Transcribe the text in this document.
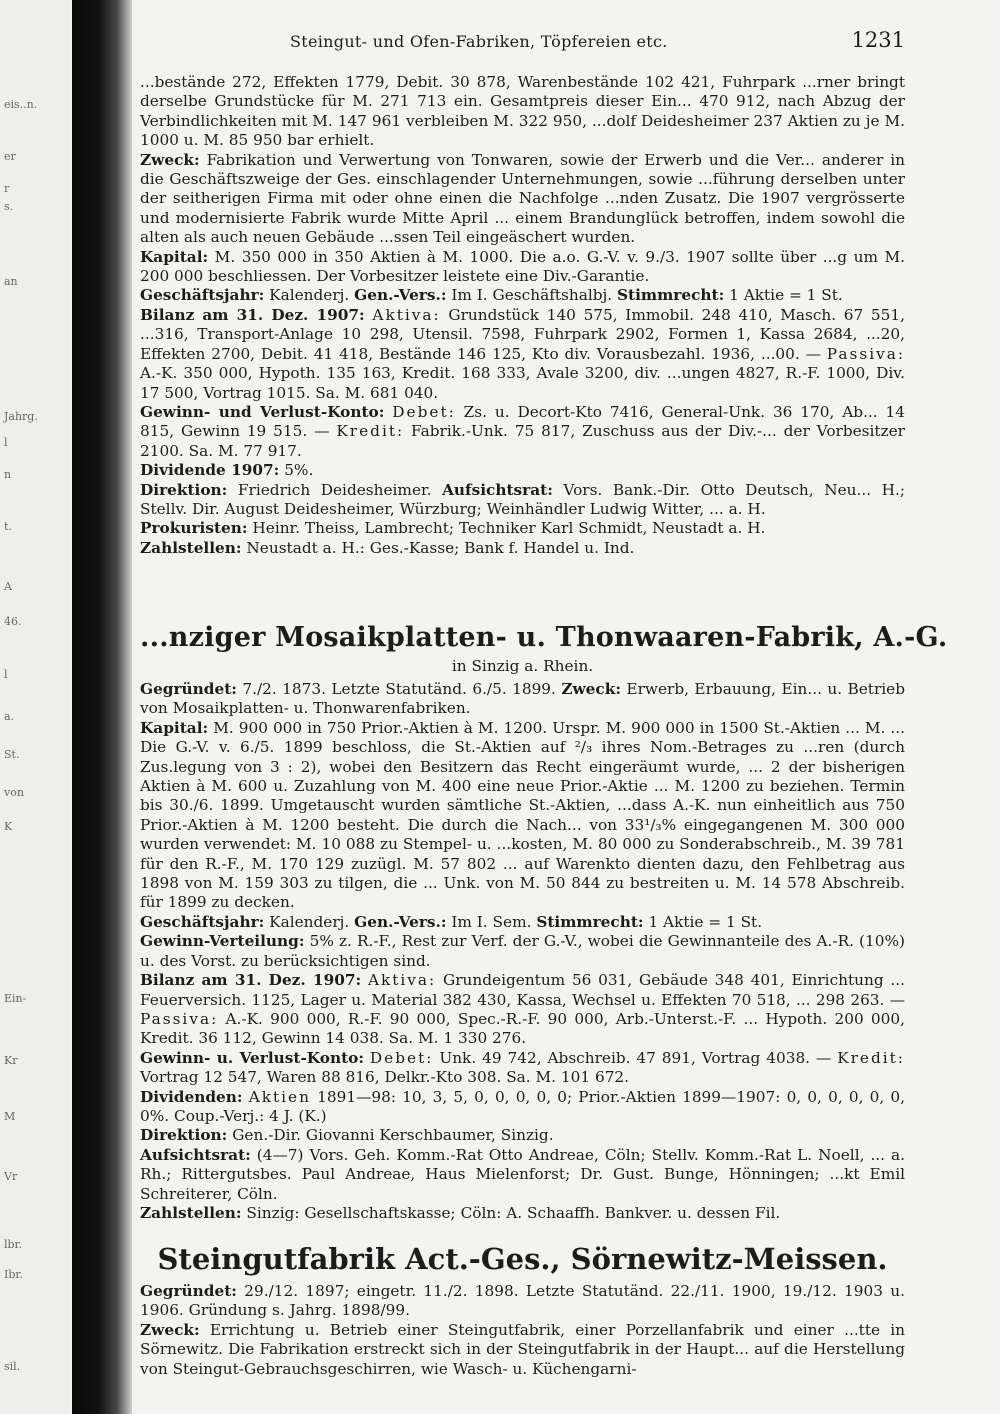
eis..n.
er
r
s.
an
Jahrg.
l
n
t.
A
46.
l
a.
St.
von
K
Ein-
Kr
M
Vr
lbr.
Ibr.
sil.
Steingut- und Ofen-Fabriken, Töpfereien etc.	1231

...bestände 272, Effekten 1779, Debit. 30 878, Warenbestände 102 421, Fuhrpark ...rner bringt derselbe Grundstücke für M. 271 713 ein. Gesamtpreis dieser Ein... 470 912, nach Abzug der Verbindlichkeiten mit M. 147 961 verbleiben M. 322 950, ...dolf Deidesheimer 237 Aktien zu je M. 1000 u. M. 85 950 bar erhielt.

Zweck: Fabrikation und Verwertung von Tonwaren, sowie der Erwerb und die Ver... anderer in die Geschäftszweige der Ges. einschlagender Unternehmungen, sowie ...führung derselben unter der seitherigen Firma mit oder ohne einen die Nachfolge ...nden Zusatz. Die 1907 vergrösserte und modernisierte Fabrik wurde Mitte April ... einem Brandunglück betroffen, indem sowohl die alten als auch neuen Gebäude ...ssen Teil eingeäschert wurden.

Kapital: M. 350 000 in 350 Aktien à M. 1000. Die a.o. G.-V. v. 9./3. 1907 sollte über ...g um M. 200 000 beschliessen. Der Vorbesitzer leistete eine Div.-Garantie.

Geschäftsjahr: Kalenderj. Gen.-Vers.: Im I. Geschäftshalbj. Stimmrecht: 1 Aktie = 1 St.

Bilanz am 31. Dez. 1907: Aktiva: Grundstück 140 575, Immobil. 248 410, Masch. 67 551, ...316, Transport-Anlage 10 298, Utensil. 7598, Fuhrpark 2902, Formen 1, Kassa 2684, ...20, Effekten 2700, Debit. 41 418, Bestände 146 125, Kto div. Vorausbezahl. 1936, ...00. — Passiva: A.-K. 350 000, Hypoth. 135 163, Kredit. 168 333, Avale 3200, div. ...ungen 4827, R.-F. 1000, Div. 17 500, Vortrag 1015. Sa. M. 681 040.

Gewinn- und Verlust-Konto: Debet: Zs. u. Decort-Kto 7416, General-Unk. 36 170, Ab... 14 815, Gewinn 19 515. — Kredit: Fabrik.-Unk. 75 817, Zuschuss aus der Div.-... der Vorbesitzer 2100. Sa. M. 77 917.

Dividende 1907: 5%.

Direktion: Friedrich Deidesheimer. Aufsichtsrat: Vors. Bank.-Dir. Otto Deutsch, Neu... H.; Stellv. Dir. August Deidesheimer, Würzburg; Weinhändler Ludwig Witter, ... a. H.

Prokuristen: Heinr. Theiss, Lambrecht; Techniker Karl Schmidt, Neustadt a. H.

Zahlstellen: Neustadt a. H.: Ges.-Kasse; Bank f. Handel u. Ind.

...nziger Mosaikplatten- u. Thonwaaren-Fabrik, A.-G.
in Sinzig a. Rhein.

Gegründet: 7./2. 1873. Letzte Statutänd. 6./5. 1899. Zweck: Erwerb, Erbauung, Ein... u. Betrieb von Mosaikplatten- u. Thonwarenfabriken.

Kapital: M. 900 000 in 750 Prior.-Aktien à M. 1200. Urspr. M. 900 000 in 1500 St.-Aktien ... M. ... Die G.-V. v. 6./5. 1899 beschloss, die St.-Aktien auf ²/₃ ihres Nom.-Betrages zu ...ren (durch Zus.legung von 3 : 2), wobei den Besitzern das Recht eingeräumt wurde, ... 2 der bisherigen Aktien à M. 600 u. Zuzahlung von M. 400 eine neue Prior.-Aktie ... M. 1200 zu beziehen. Termin bis 30./6. 1899. Umgetauscht wurden sämtliche St.-Aktien, ...dass A.-K. nun einheitlich aus 750 Prior.-Aktien à M. 1200 besteht. Die durch die Nach... von 33¹/₃% eingegangenen M. 300 000 wurden verwendet: M. 10 088 zu Stempel- u. ...kosten, M. 80 000 zu Sonderabschreib., M. 39 781 für den R.-F., M. 170 129 zuzügl. M. 57 802 ... auf Warenkto dienten dazu, den Fehlbetrag aus 1898 von M. 159 303 zu tilgen, die ... Unk. von M. 50 844 zu bestreiten u. M. 14 578 Abschreib. für 1899 zu decken.

Geschäftsjahr: Kalenderj. Gen.-Vers.: Im I. Sem. Stimmrecht: 1 Aktie = 1 St.

Gewinn-Verteilung: 5% z. R.-F., Rest zur Verf. der G.-V., wobei die Gewinnanteile des A.-R. (10%) u. des Vorst. zu berücksichtigen sind.

Bilanz am 31. Dez. 1907: Aktiva: Grundeigentum 56 031, Gebäude 348 401, Einrichtung ... Feuerversich. 1125, Lager u. Material 382 430, Kassa, Wechsel u. Effekten 70 518, ... 298 263. — Passiva: A.-K. 900 000, R.-F. 90 000, Spec.-R.-F. 90 000, Arb.-Unterst.-F. ... Hypoth. 200 000, Kredit. 36 112, Gewinn 14 038. Sa. M. 1 330 276.

Gewinn- u. Verlust-Konto: Debet: Unk. 49 742, Abschreib. 47 891, Vortrag 4038. — Kredit: Vortrag 12 547, Waren 88 816, Delkr.-Kto 308. Sa. M. 101 672.

Dividenden: Aktien 1891—98: 10, 3, 5, 0, 0, 0, 0, 0; Prior.-Aktien 1899—1907: 0, 0, 0, 0, 0, 0, 0%. Coup.-Verj.: 4 J. (K.)

Direktion: Gen.-Dir. Giovanni Kerschbaumer, Sinzig.

Aufsichtsrat: (4—7) Vors. Geh. Komm.-Rat Otto Andreae, Cöln; Stellv. Komm.-Rat L. Noell, ... a. Rh.; Rittergutsbes. Paul Andreae, Haus Mielenforst; Dr. Gust. Bunge, Hönningen; ...kt Emil Schreiterer, Cöln.

Zahlstellen: Sinzig: Gesellschaftskasse; Cöln: A. Schaaffh. Bankver. u. dessen Fil.

Steingutfabrik Act.-Ges., Sörnewitz-Meissen.

Gegründet: 29./12. 1897; eingetr. 11./2. 1898. Letzte Statutänd. 22./11. 1900, 19./12. 1903 u. 1906. Gründung s. Jahrg. 1898/99.

Zweck: Errichtung u. Betrieb einer Steingutfabrik, einer Porzellanfabrik und einer ...tte in Sörnewitz. Die Fabrikation erstreckt sich in der Steingutfabrik in der Haupt... auf die Herstellung von Steingut-Gebrauchsgeschirren, wie Wasch- u. Küchengarni-
